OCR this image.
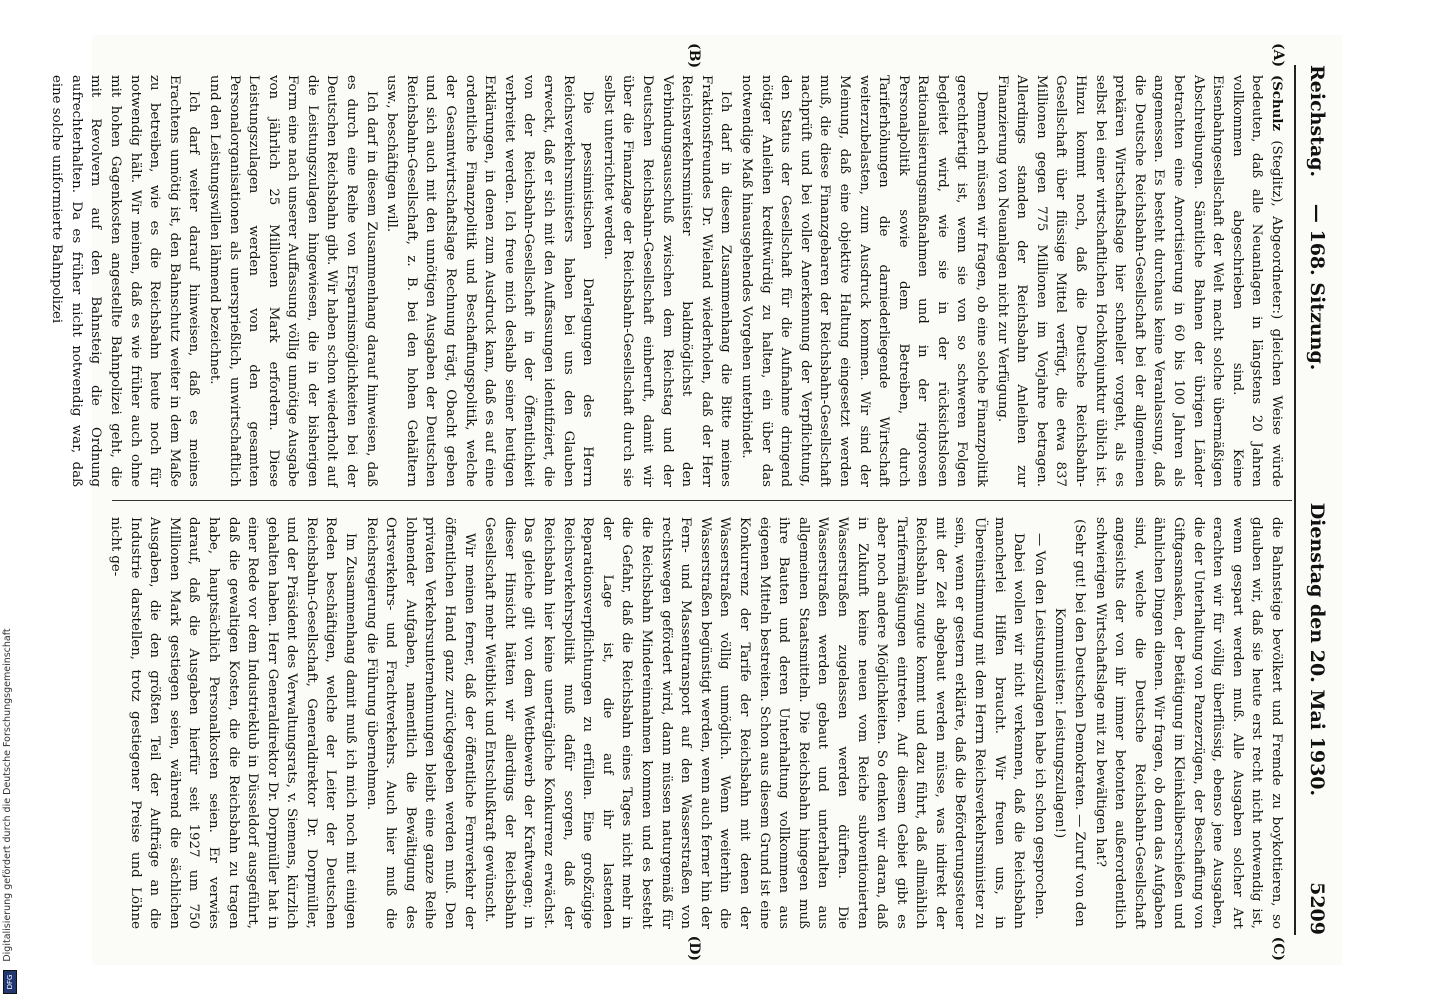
Reichstag.
— 168. Sitzung.                    Dienstag den 20. Mai 1930.
5209
(A)
(B)
(C)
(D)

(Schulz (Steglitz), Abgeordneter:) gleichen Weise würde bedeuten, daß alle Neuanlagen in längstens 20 Jahren vollkommen abgeschrieben sind. Keine Eisenbahngesellschaft der Welt macht solche übermäßigen Abschreibungen. Sämtliche Bahnen der übrigen Länder betrachten eine Amortisierung in 60 bis 100 Jahren als angemessen. Es besteht durchaus keine Veranlassung, daß die Deutsche Reichsbahn-Gesellschaft bei der allgemeinen prekären Wirtschaftslage hier schneller vorgeht, als es selbst bei einer wirtschaftlichen Hochkonjunktur üblich ist. Hinzu kommt noch, daß die Deutsche Reichsbahn-Gesellschaft über flüssige Mittel verfügt, die etwa 837 Millionen gegen 775 Millionen im Vorjahre betragen. Allerdings standen der Reichsbahn Anleihen zur Finanzierung von Neuanlagen nicht zur Verfügung.

Demnach müssen wir fragen, ob eine solche Finanzpolitik gerechtfertigt ist, wenn sie von so schweren Folgen begleitet wird, wie sie in der rücksichtslosen Rationalisierungsmaßnahmen und in der rigorosen Personalpolitik sowie dem Betreiben, durch Tariferhöhungen die darniederliegende Wirtschaft weiterzubelasten, zum Ausdruck kommen. Wir sind der Meinung, daß eine objektive Haltung eingesetzt werden muß, die diese Finanzgebaren der Reichsbahn-Gesellschaft nachprüft und bei voller Anerkennung der Verpflichtung, den Status der Gesellschaft für die Aufnahme dringend nötiger Anleihen kreditwürdig zu halten, ein über das notwendige Maß hinausgehendes Vorgehen unterbindet.

Ich darf in diesem Zusammenhang die Bitte meines Fraktionsfreundes Dr. Wieland wiederholen, daß der Herr Reichsverkehrsminister baldmöglichst den Verbindungsausschuß zwischen dem Reichstag und der Deutschen Reichsbahn-Gesellschaft einberuft, damit wir über die Finanzlage der Reichsbahn-Gesellschaft durch sie selbst unterrichtet werden.

Die pessimistischen Darlegungen des Herrn Reichsverkehrsministers haben bei uns den Glauben erweckt, daß er sich mit den Auffassungen identifiziert, die von der Reichsbahn-Gesellschaft in der Öffentlichkeit verbreitet werden. Ich freue mich deshalb seiner heutigen Erklärungen, in denen zum Ausdruck kam, daß es auf eine ordentliche Finanzpolitik und Beschaffungspolitik, welche der Gesamtwirtschaftslage Rechnung trägt, Obacht geben und sich auch mit den unnötigen Ausgaben der Deutschen Reichsbahn-Gesellschaft, z. B. bei den hohen Gehältern usw., beschäftigen will.

Ich darf in diesem Zusammenhang darauf hinweisen, daß es durch eine Reihe von Ersparnismöglichkeiten bei der Deutschen Reichsbahn gibt. Wir haben schon wiederholt auf die Leistungszulagen hingewiesen, die in der bisherigen Form eine nach unserer Auffassung völlig unnötige Ausgabe von jährlich 25 Millionen Mark erfordern. Diese Leistungszulagen werden von den gesamten Personalorganisationen als unersprießlich, unwirtschaftlich und den Leistungswillen lähmend bezeichnet.

Ich darf weiter darauf hinweisen, daß es meines Erachtens unnötig ist, den Bahnschutz weiter in dem Maße zu betreiben, wie es die Reichsbahn heute noch für notwendig hält. Wir meinen, daß es wie früher auch ohne mit hohen Gagenkosten angestellte Bahnpolizei geht, die mit Revolvern auf den Bahnsteig die Ordnung aufrechterhalten. Da es früher nicht notwendig war, daß eine solche uniformierte Bahnpolizei

die Bahnsteige bevölkert und Fremde zu boykottieren, so glauben wir, daß sie heute erst recht nicht notwendig ist, wenn gespart werden muß. Alle Ausgaben solcher Art erachten wir für völlig überflüssig, ebenso jene Ausgaben, die der Unterhaltung von Panzerzügen, der Beschaffung von Giftgasmasken, der Betätigung im Kleinkaliberschießen und ähnlichen Dingen dienen. Wir fragen, ob denn das Aufgaben sind, welche die Deutsche Reichsbahn-Gesellschaft angesichts der von ihr immer betonten außerordentlich schwierigen Wirtschaftslage mit zu bewältigen hat?

(Sehr gut! bei den Deutschen Demokraten. — Zuruf von den Kommunisten: Leistungszulagen!)

— Von den Leistungszulagen habe ich schon gesprochen.

Dabei wollen wir nicht verkennen, daß die Reichsbahn mancherlei Hilfen braucht. Wir freuen uns, in Übereinstimmung mit dem Herrn Reichsverkehrsminister zu sein, wenn er gestern erklärte, daß die Beförderungssteuer mit der Zeit abgebaut werden müsse, was indirekt der Reichsbahn zugute kommt und dazu führt, daß allmählich Tarifermäßigungen eintreten. Auf diesem Gebiet gibt es aber noch andere Möglichkeiten. So denken wir daran, daß in Zukunft keine neuen vom Reiche subventionierten Wasserstraßen zugelassen werden dürften. Die Wasserstraßen werden gebaut und unterhalten aus allgemeinen Staatsmitteln. Die Reichsbahn hingegen muß ihre Bauten und deren Unterhaltung vollkommen aus eigenen Mitteln bestreiten. Schon aus diesem Grund ist eine Konkurrenz der Tarife der Reichsbahn mit denen der Wasserstraßen völlig unmöglich. Wenn weiterhin die Wasserstraßen begünstigt werden, wenn auch ferner hin der Fern- und Massentransport auf den Wasserstraßen von rechtswegen gefördert wird, dann müssen naturgemäß für die Reichsbahn Mindereinnahmen kommen und es besteht die Gefahr, daß die Reichsbahn eines Tages nicht mehr in der Lage ist, die auf ihr lastenden Reparationsverpflichtungen zu erfüllen. Eine großzügige Reichsverkehrspolitik muß dafür sorgen, daß der Reichsbahn hier keine unerträgliche Konkurrenz erwächst. Das gleiche gilt von dem Wettbewerb der Kraftwagen; in dieser Hinsicht hätten wir allerdings der Reichsbahn Gesellschaft mehr Weitblick und Entschlußkraft gewünscht.

Wir meinen ferner, daß der öffentliche Fernverkehr der öffentlichen Hand ganz zurückgegeben werden muß. Den privaten Verkehrsunternehmungen bleibt eine ganze Reihe lohnender Aufgaben, namentlich die Bewältigung des Ortsverkehrs- und Frachtverkehrs. Auch hier muß die Reichsregierung die Führung übernehmen.

Im Zusammenhang damit muß ich mich noch mit einigen Reden beschäftigen, welche der Leiter der Deutschen Reichsbahn-Gesellschaft, Generaldirektor Dr. Dorpmüller, und der Präsident des Verwaltungsrats, v. Siemens, kürzlich gehalten haben. Herr Generaldirektor Dr. Dorpmüller hat in einer Rede vor dem Industrieklub in Düsseldorf ausgeführt, daß die gewaltigen Kosten, die die Reichsbahn zu tragen habe, hauptsächlich Personalkosten seien. Er verwies darauf, daß die Ausgaben hierfür seit 1927 um 750 Millionen Mark gestiegen seien, während die sächlichen Ausgaben, die den größten Teil der Aufträge an die Industrie darstellen, trotz gestiegener Preise und Löhne nicht ge-

Digitalisierung gefördert durch die Deutsche Forschungsgemeinschaft
DFG
